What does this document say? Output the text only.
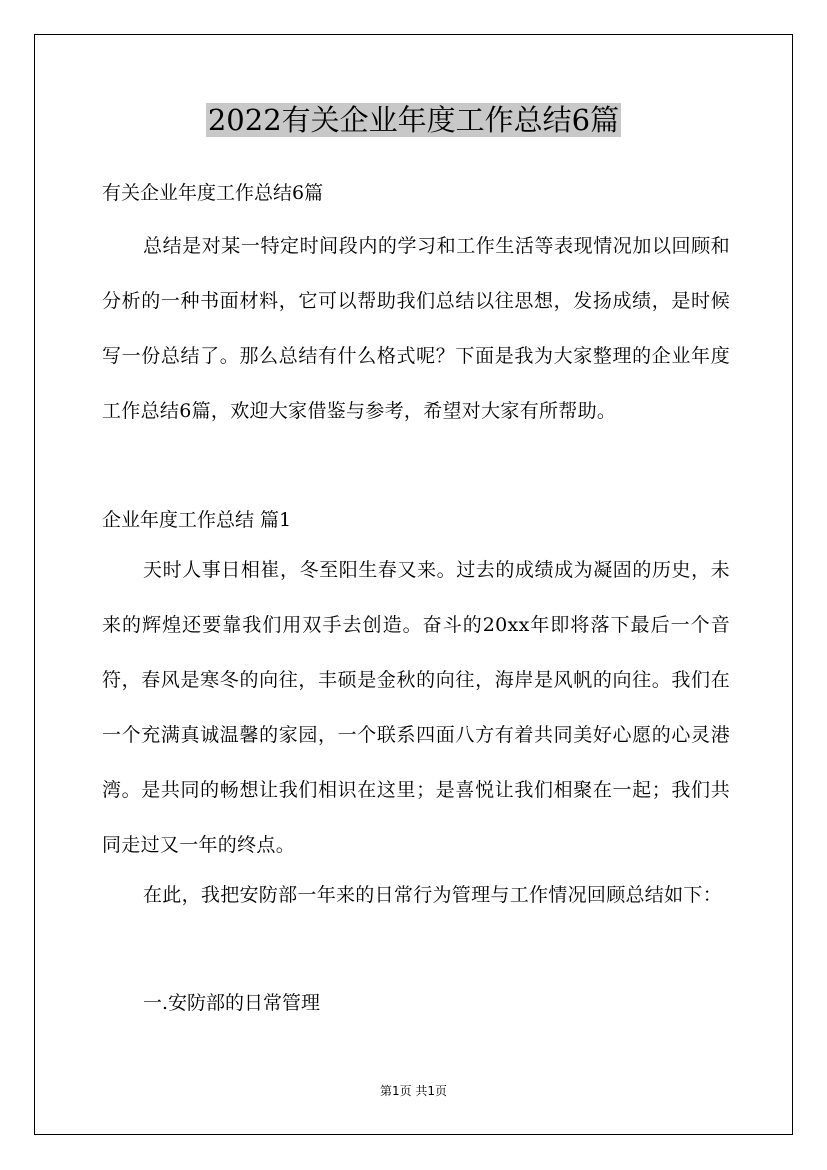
2022有关企业年度工作总结6篇
有关企业年度工作总结6篇

总结是对某一特定时间段内的学习和工作生活等表现情况加以回顾和分析的一种书面材料，它可以帮助我们总结以往思想，发扬成绩，是时候写一份总结了。那么总结有什么格式呢？下面是我为大家整理的企业年度工作总结6篇，欢迎大家借鉴与参考，希望对大家有所帮助。

企业年度工作总结 篇1

天时人事日相崔，冬至阳生春又来。过去的成绩成为凝固的历史，未来的辉煌还要靠我们用双手去创造。奋斗的20xx年即将落下最后一个音符，春风是寒冬的向往，丰硕是金秋的向往，海岸是风帆的向往。我们在一个充满真诚温馨的家园，一个联系四面八方有着共同美好心愿的心灵港湾。是共同的畅想让我们相识在这里；是喜悦让我们相聚在一起；我们共同走过又一年的终点。

在此，我把安防部一年来的日常行为管理与工作情况回顾总结如下：

一.安防部的日常管理
第1页 共1页
